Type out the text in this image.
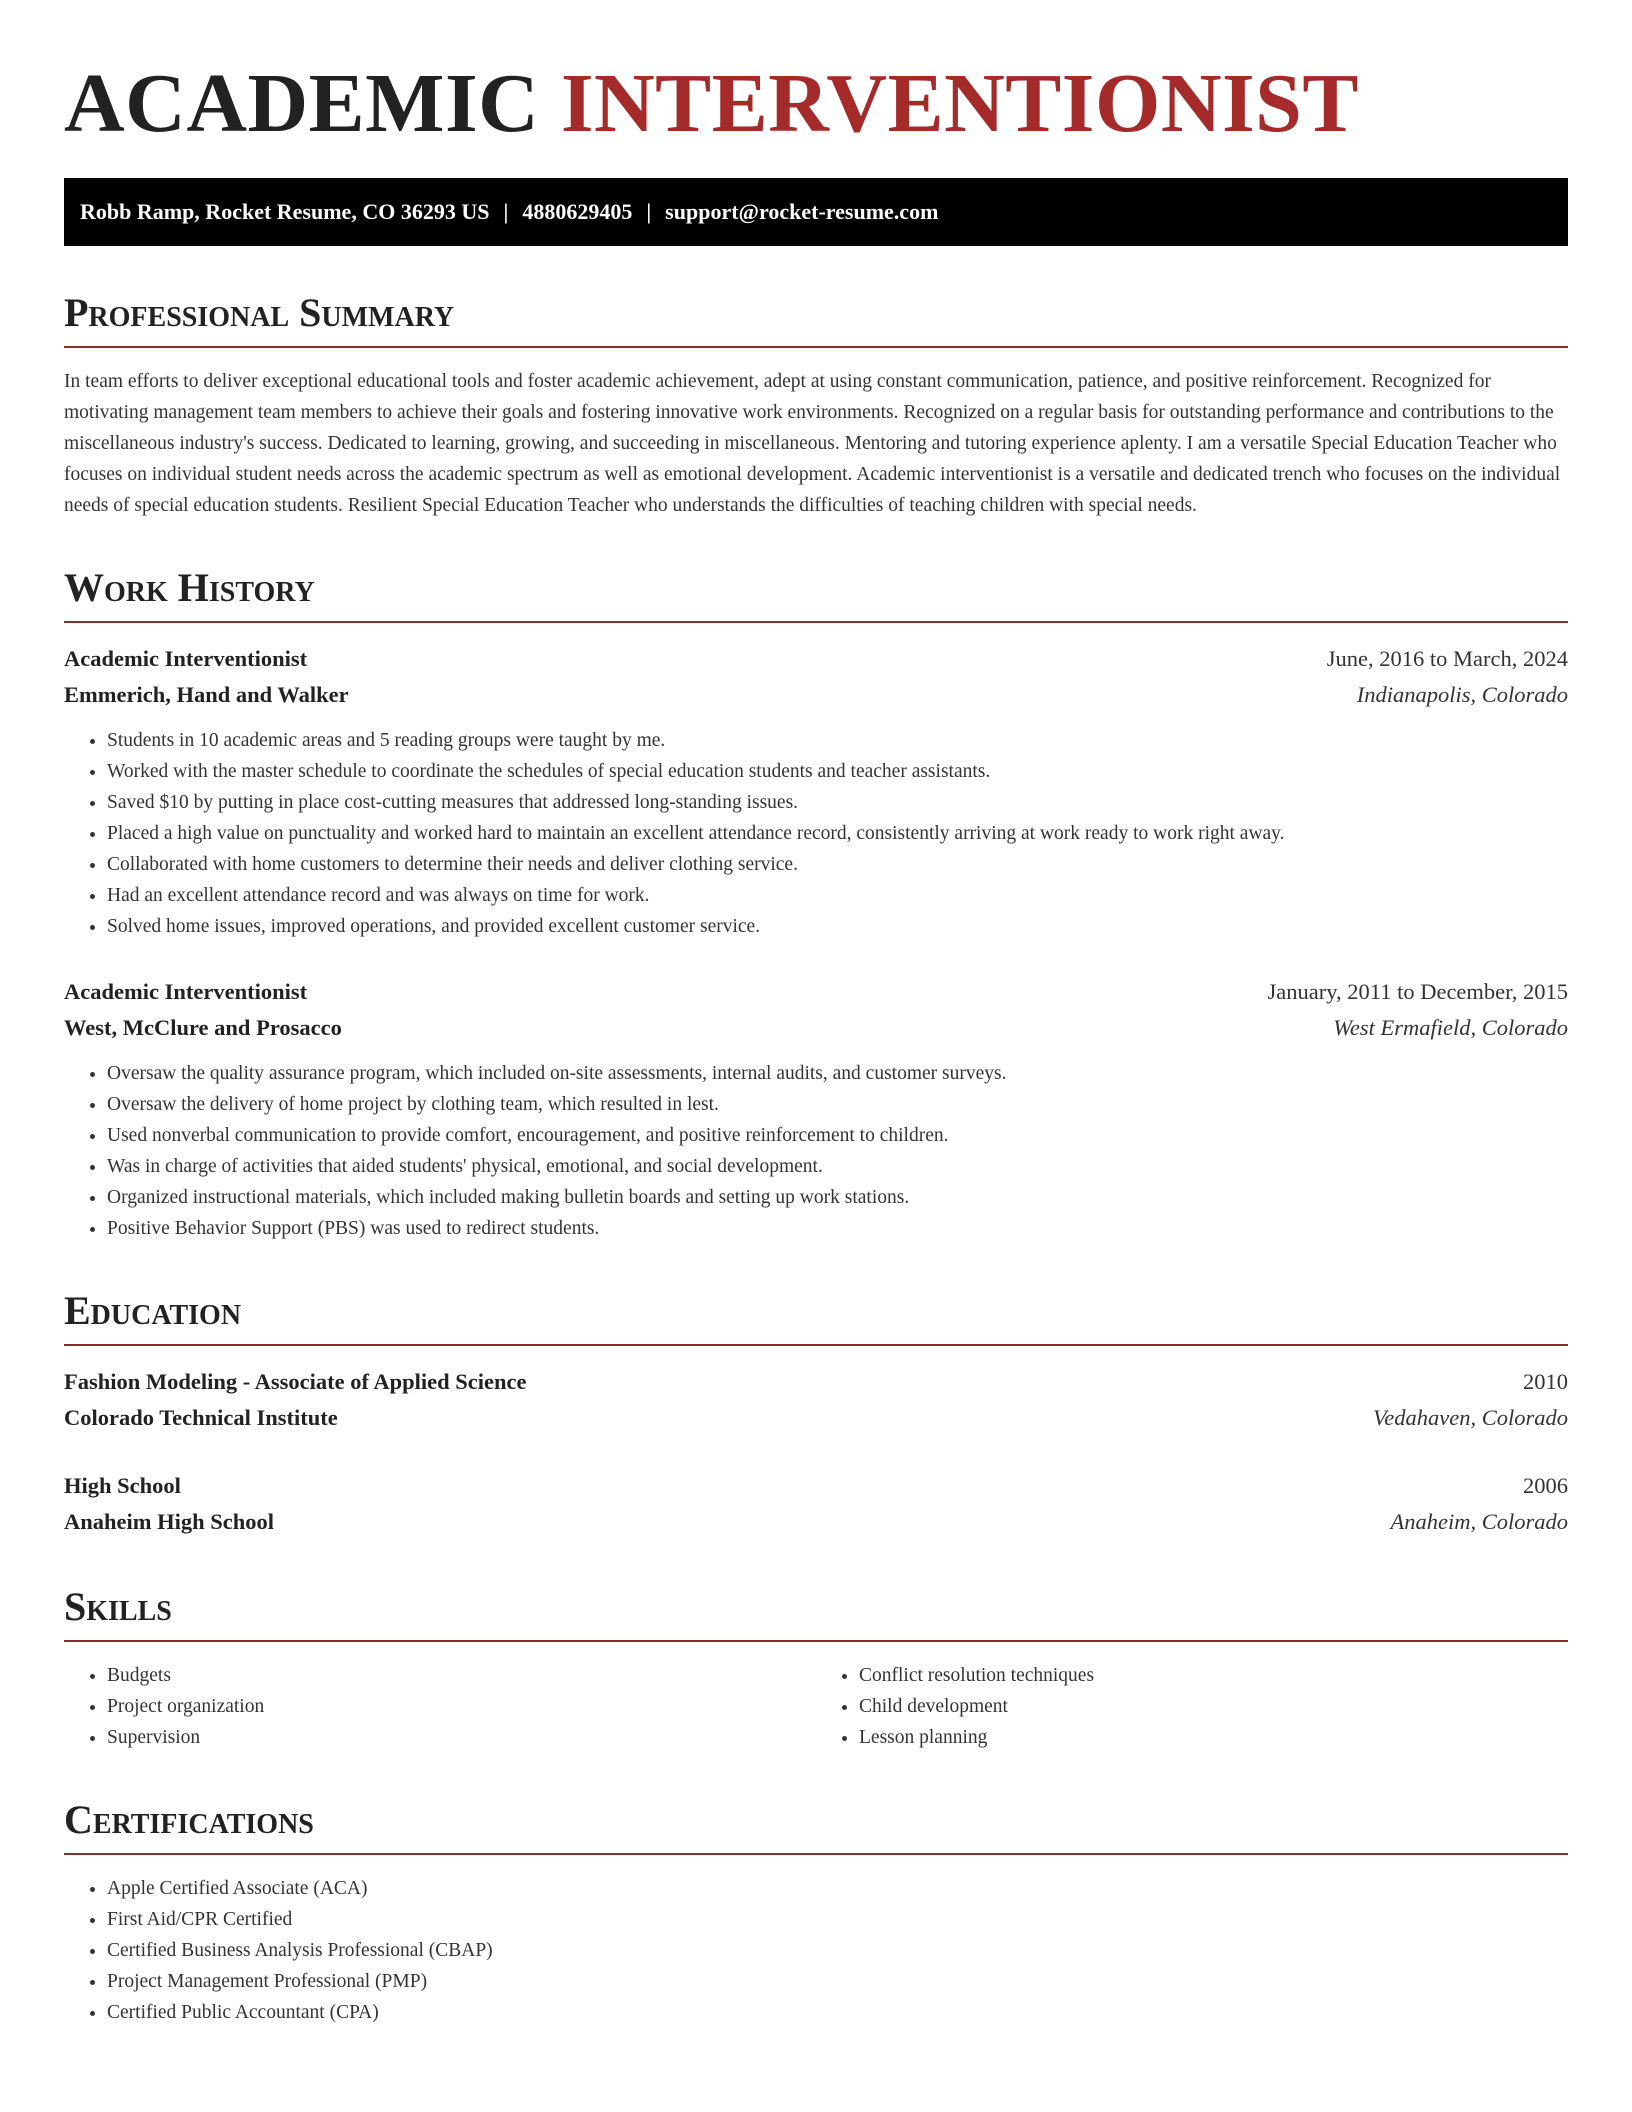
ACADEMIC INTERVENTIONIST
Robb Ramp, Rocket Resume, CO 36293 US | 4880629405 | support@rocket-resume.com
Professional Summary

In team efforts to deliver exceptional educational tools and foster academic achievement, adept at using constant communication, patience, and positive reinforcement. Recognized for motivating management team members to achieve their goals and fostering innovative work environments. Recognized on a regular basis for outstanding performance and contributions to the miscellaneous industry's success. Dedicated to learning, growing, and succeeding in miscellaneous. Mentoring and tutoring experience aplenty. I am a versatile Special Education Teacher who focuses on individual student needs across the academic spectrum as well as emotional development. Academic interventionist is a versatile and dedicated trench who focuses on the individual needs of special education students. Resilient Special Education Teacher who understands the difficulties of teaching children with special needs.

Work History
Academic Interventionist	June, 2016 to March, 2024
Emmerich, Hand and Walker	Indianapolis, Colorado
• Students in 10 academic areas and 5 reading groups were taught by me.
• Worked with the master schedule to coordinate the schedules of special education students and teacher assistants.
• Saved $10 by putting in place cost-cutting measures that addressed long-standing issues.
• Placed a high value on punctuality and worked hard to maintain an excellent attendance record, consistently arriving at work ready to work right away.
• Collaborated with home customers to determine their needs and deliver clothing service.
• Had an excellent attendance record and was always on time for work.
• Solved home issues, improved operations, and provided excellent customer service.
Academic Interventionist	January, 2011 to December, 2015
West, McClure and Prosacco	West Ermafield, Colorado
• Oversaw the quality assurance program, which included on-site assessments, internal audits, and customer surveys.
• Oversaw the delivery of home project by clothing team, which resulted in lest.
• Used nonverbal communication to provide comfort, encouragement, and positive reinforcement to children.
• Was in charge of activities that aided students' physical, emotional, and social development.
• Organized instructional materials, which included making bulletin boards and setting up work stations.
• Positive Behavior Support (PBS) was used to redirect students.
Education
Fashion Modeling - Associate of Applied Science	2010
Colorado Technical Institute	Vedahaven, Colorado
High School	2006
Anaheim High School	Anaheim, Colorado
Skills
• Budgets
• Project organization
• Supervision
• Conflict resolution techniques
• Child development
• Lesson planning
Certifications
• Apple Certified Associate (ACA)
• First Aid/CPR Certified
• Certified Business Analysis Professional (CBAP)
• Project Management Professional (PMP)
• Certified Public Accountant (CPA)
